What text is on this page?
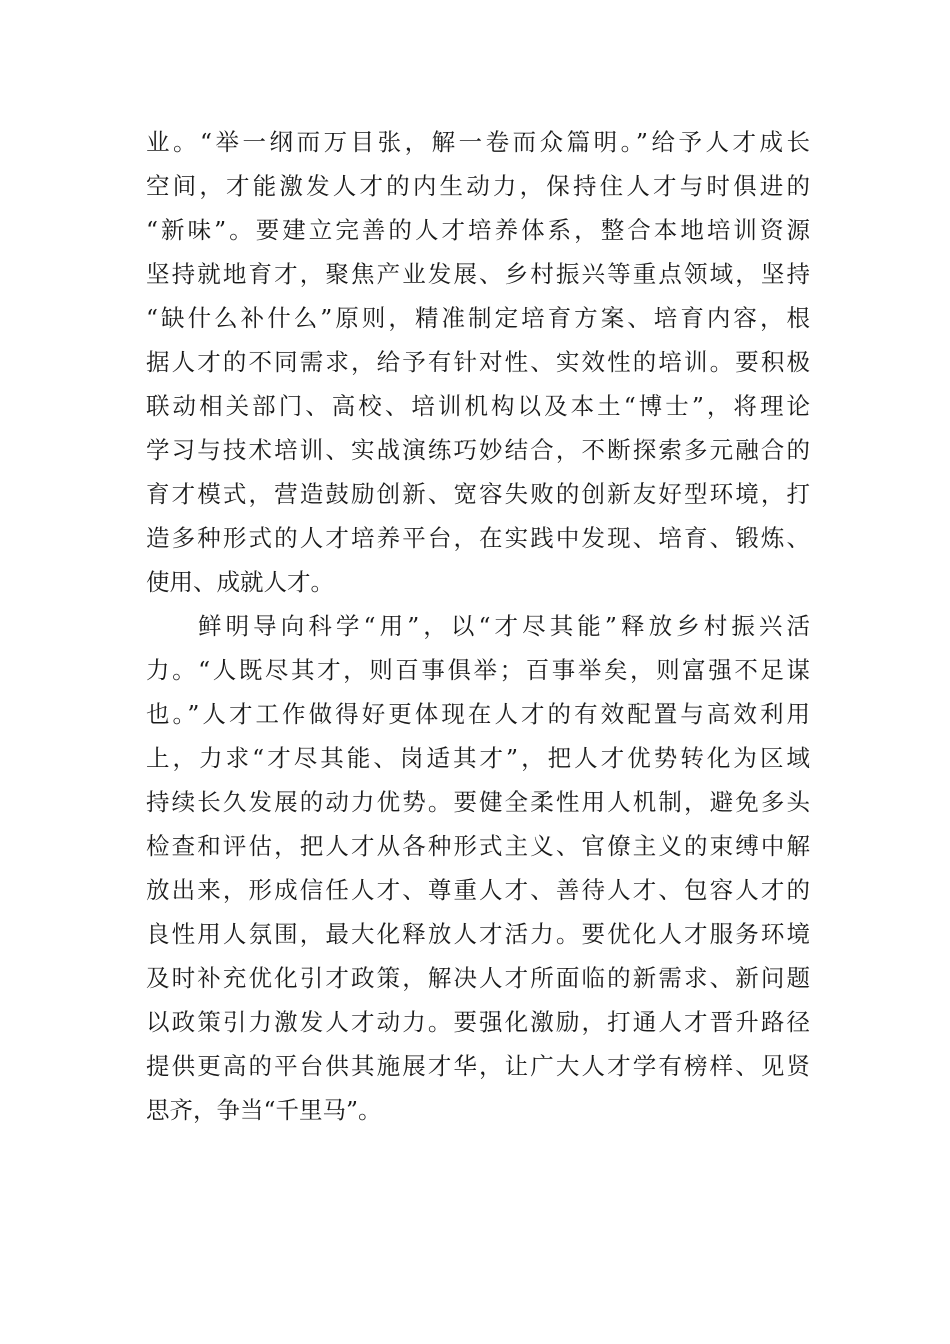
业。“举一纲而万目张，解一卷而众篇明。”给予人才成长
空间，才能激发人才的内生动力，保持住人才与时俱进的
“新味”。要建立完善的人才培养体系，整合本地培训资源
坚持就地育才，聚焦产业发展、乡村振兴等重点领域，坚持
“缺什么补什么”原则，精准制定培育方案、培育内容，根
据人才的不同需求，给予有针对性、实效性的培训。要积极
联动相关部门、高校、培训机构以及本土“博士”，将理论
学习与技术培训、实战演练巧妙结合，不断探索多元融合的
育才模式，营造鼓励创新、宽容失败的创新友好型环境，打
造多种形式的人才培养平台，在实践中发现、培育、锻炼、
使用、成就人才。
鲜明导向科学“用”，以“才尽其能”释放乡村振兴活
力。“人既尽其才，则百事俱举；百事举矣，则富强不足谋
也。”人才工作做得好更体现在人才的有效配置与高效利用
上，力求“才尽其能、岗适其才”，把人才优势转化为区域
持续长久发展的动力优势。要健全柔性用人机制，避免多头
检查和评估，把人才从各种形式主义、官僚主义的束缚中解
放出来，形成信任人才、尊重人才、善待人才、包容人才的
良性用人氛围，最大化释放人才活力。要优化人才服务环境
及时补充优化引才政策，解决人才所面临的新需求、新问题
以政策引力激发人才动力。要强化激励，打通人才晋升路径
提供更高的平台供其施展才华，让广大人才学有榜样、见贤
思齐，争当“千里马”。
